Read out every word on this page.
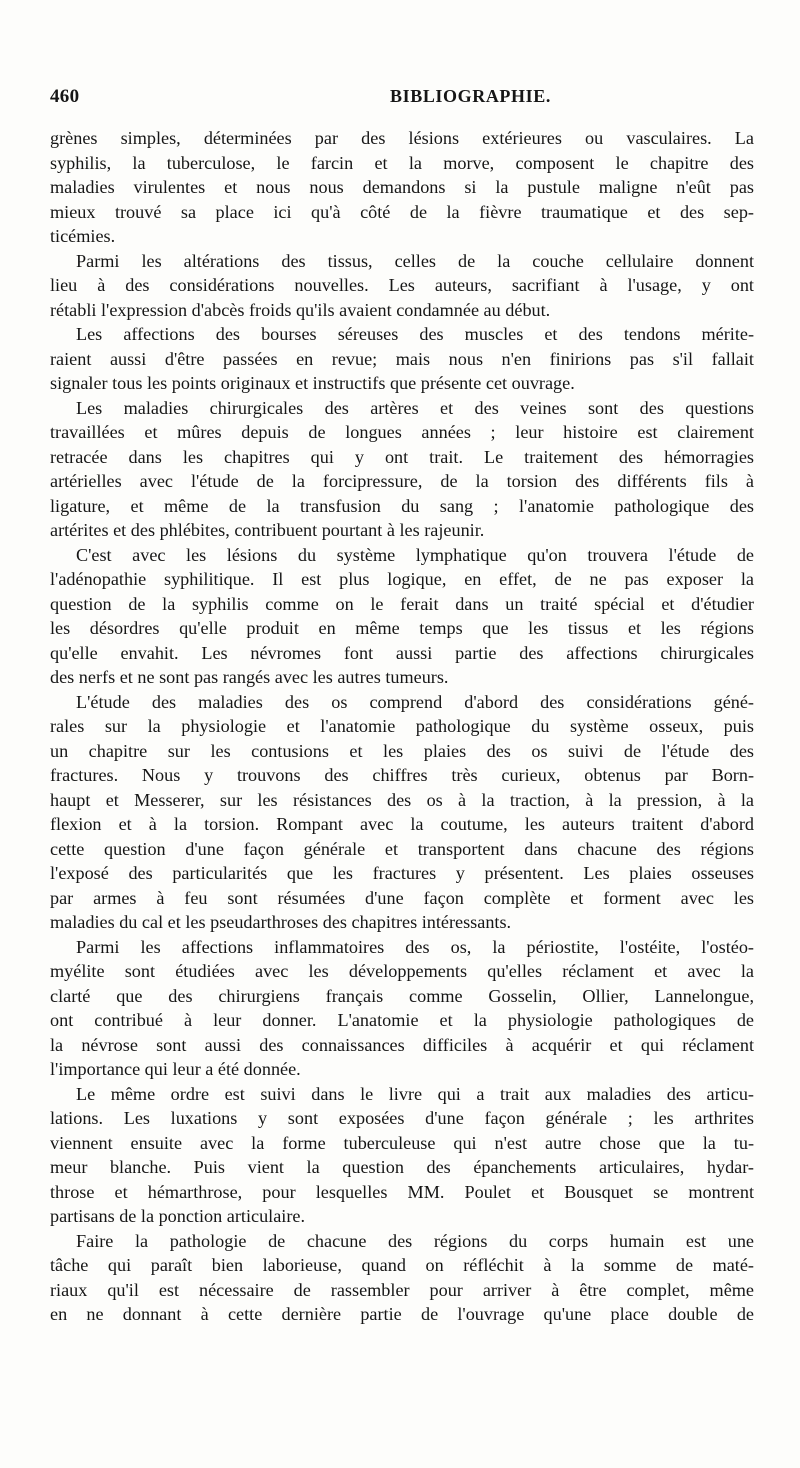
460	BIBLIOGRAPHIE.
grènes simples, déterminées par des lésions extérieures ou vasculaires. La
syphilis, la tuberculose, le farcin et la morve, composent le chapitre des
maladies virulentes et nous nous demandons si la pustule maligne n'eût pas
mieux trouvé sa place ici qu'à côté de la fièvre traumatique et des sep-
ticémies.
Parmi les altérations des tissus, celles de la couche cellulaire donnent
lieu à des considérations nouvelles. Les auteurs, sacrifiant à l'usage, y ont
rétabli l'expression d'abcès froids qu'ils avaient condamnée au début.
Les affections des bourses séreuses des muscles et des tendons mérite-
raient aussi d'être passées en revue; mais nous n'en finirions pas s'il fallait
signaler tous les points originaux et instructifs que présente cet ouvrage.
Les maladies chirurgicales des artères et des veines sont des questions
travaillées et mûres depuis de longues années ; leur histoire est clairement
retracée dans les chapitres qui y ont trait. Le traitement des hémorragies
artérielles avec l'étude de la forcipressure, de la torsion des différents fils à
ligature, et même de la transfusion du sang ; l'anatomie pathologique des
artérites et des phlébites, contribuent pourtant à les rajeunir.
C'est avec les lésions du système lymphatique qu'on trouvera l'étude de
l'adénopathie syphilitique. Il est plus logique, en effet, de ne pas exposer la
question de la syphilis comme on le ferait dans un traité spécial et d'étudier
les désordres qu'elle produit en même temps que les tissus et les régions
qu'elle envahit. Les névromes font aussi partie des affections chirurgicales
des nerfs et ne sont pas rangés avec les autres tumeurs.
L'étude des maladies des os comprend d'abord des considérations géné-
rales sur la physiologie et l'anatomie pathologique du système osseux, puis
un chapitre sur les contusions et les plaies des os suivi de l'étude des
fractures. Nous y trouvons des chiffres très curieux, obtenus par Born-
haupt et Messerer, sur les résistances des os à la traction, à la pression, à la
flexion et à la torsion. Rompant avec la coutume, les auteurs traitent d'abord
cette question d'une façon générale et transportent dans chacune des régions
l'exposé des particularités que les fractures y présentent. Les plaies osseuses
par armes à feu sont résumées d'une façon complète et forment avec les
maladies du cal et les pseudarthroses des chapitres intéressants.
Parmi les affections inflammatoires des os, la périostite, l'ostéite, l'ostéo-
myélite sont étudiées avec les développements qu'elles réclament et avec la
clarté que des chirurgiens français comme Gosselin, Ollier, Lannelongue,
ont contribué à leur donner. L'anatomie et la physiologie pathologiques de
la névrose sont aussi des connaissances difficiles à acquérir et qui réclament
l'importance qui leur a été donnée.
Le même ordre est suivi dans le livre qui a trait aux maladies des articu-
lations. Les luxations y sont exposées d'une façon générale ; les arthrites
viennent ensuite avec la forme tuberculeuse qui n'est autre chose que la tu-
meur blanche. Puis vient la question des épanchements articulaires, hydar-
throse et hémarthrose, pour lesquelles MM. Poulet et Bousquet se montrent
partisans de la ponction articulaire.
Faire la pathologie de chacune des régions du corps humain est une
tâche qui paraît bien laborieuse, quand on réfléchit à la somme de maté-
riaux qu'il est nécessaire de rassembler pour arriver à être complet, même
en ne donnant à cette dernière partie de l'ouvrage qu'une place double de
